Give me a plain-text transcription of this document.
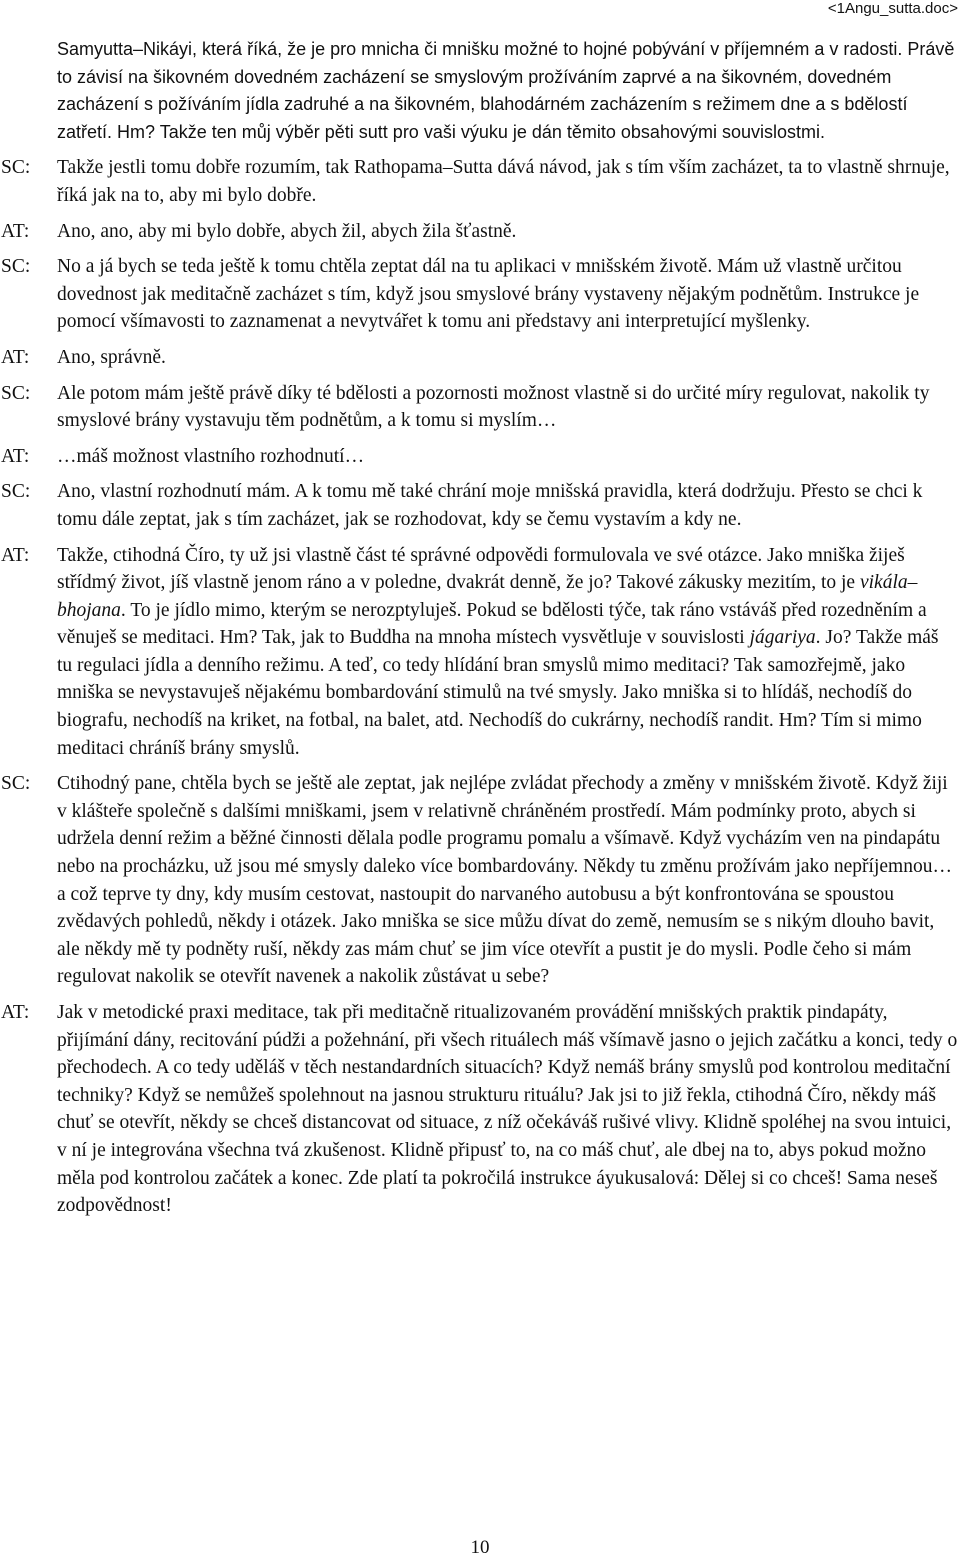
<1Angu_sutta.doc>
Samyutta–Nikáyi, která říká, že je pro mnicha či mnišku možné to hojné pobývání v příjemném a v radosti. Právě to závisí na šikovném dovedném zacházení se smyslovým prožíváním zaprvé a na šikovném, dovedném zacházení s požíváním jídla zadruhé a na šikovném, blahodárném zacházením s režimem dne a s bdělostí zatřetí. Hm? Takže ten můj výběr pěti sutt pro vaši výuku je dán těmito obsahovými souvislostmi.
SC:	Takže jestli tomu dobře rozumím, tak Rathopama–Sutta dává návod, jak s tím vším zacházet, ta to vlastně shrnuje, říká jak na to, aby mi bylo dobře.
AT:	Ano, ano, aby mi bylo dobře, abych žil, abych žila šťastně.
SC:	No a já bych se teda ještě k tomu chtěla zeptat dál na tu aplikaci v mnišském životě. Mám už vlastně určitou dovednost jak meditačně zacházet s tím, když jsou smyslové brány vystaveny nějakým podnětům. Instrukce je pomocí všímavosti to zaznamenat a nevytvářet k tomu ani představy ani interpretující myšlenky.
AT:	Ano, správně.
SC:	Ale potom mám ještě právě díky té bdělosti a pozornosti možnost vlastně si do určité míry regulovat, nakolik ty smyslové brány vystavuju těm podnětům, a k tomu si myslím…
AT:	…máš možnost vlastního rozhodnutí…
SC:	Ano, vlastní rozhodnutí mám. A k tomu mě také chrání moje mnišská pravidla, která dodržuju. Přesto se chci k tomu dále zeptat, jak s tím zacházet, jak se rozhodovat, kdy se čemu vystavím a kdy ne.
AT:	Takže, ctihodná Číro, ty už jsi vlastně část té správné odpovědi formulovala ve své otázce. Jako mniška žiješ střídmý život, jíš vlastně jenom ráno a v poledne, dvakrát denně, že jo? Takové zákusky mezitím, to je vikála–bhojana. To je jídlo mimo, kterým se nerozptyluješ. Pokud se bdělosti týče, tak ráno vstáváš před rozedněním a věnuješ se meditaci. Hm? Tak, jak to Buddha na mnoha místech vysvětluje v souvislosti jágariya. Jo? Takže máš tu regulaci jídla a denního režimu. A teď, co tedy hlídání bran smyslů mimo meditaci? Tak samozřejmě, jako mniška se nevystavuješ nějakému bombardování stimulů na tvé smysly. Jako mniška si to hlídáš, nechodíš do biografu, nechodíš na kriket, na fotbal, na balet, atd. Nechodíš do cukrárny, nechodíš randit. Hm? Tím si mimo meditaci chráníš brány smyslů.
SC:	Ctihodný pane, chtěla bych se ještě ale zeptat, jak nejlépe zvládat přechody a změny v mnišském životě. Když žiji v klášteře společně s dalšími mniškami, jsem v relativně chráněném prostředí. Mám podmínky proto, abych si udržela denní režim a běžné činnosti dělala podle programu pomalu a všímavě. Když vycházím ven na pindapátu nebo na procházku, už jsou mé smysly daleko více bombardovány. Někdy tu změnu prožívám jako nepříjemnou… a což teprve ty dny, kdy musím cestovat, nastoupit do narvaného autobusu a být konfrontována se spoustou zvědavých pohledů, někdy i otázek. Jako mniška se sice můžu dívat do země, nemusím se s nikým dlouho bavit, ale někdy mě ty podněty ruší, někdy zas mám chuť se jim více otevřít a pustit je do mysli. Podle čeho si mám regulovat nakolik se otevřít navenek a nakolik zůstávat u sebe?
AT:	Jak v metodické praxi meditace, tak při meditačně ritualizovaném provádění mnišských praktik pindapáty, přijímání dány, recitování púdži a požehnání, při všech rituálech máš všímavě jasno o jejich začátku a konci, tedy o přechodech. A co tedy uděláš v těch nestandardních situacích? Když nemáš brány smyslů pod kontrolou meditační techniky? Když se nemůžeš spolehnout na jasnou strukturu rituálu? Jak jsi to již řekla, ctihodná Číro, někdy máš chuť se otevřít, někdy se chceš distancovat od situace, z níž očekáváš rušivé vlivy. Klidně spoléhej na svou intuici, v ní je integrována všechna tvá zkušenost. Klidně připusť to, na co máš chuť, ale dbej na to, abys pokud možno měla pod kontrolou začátek a konec. Zde platí ta pokročilá instrukce áyukusalová: Dělej si co chceš! Sama neseš zodpovědnost!
10
